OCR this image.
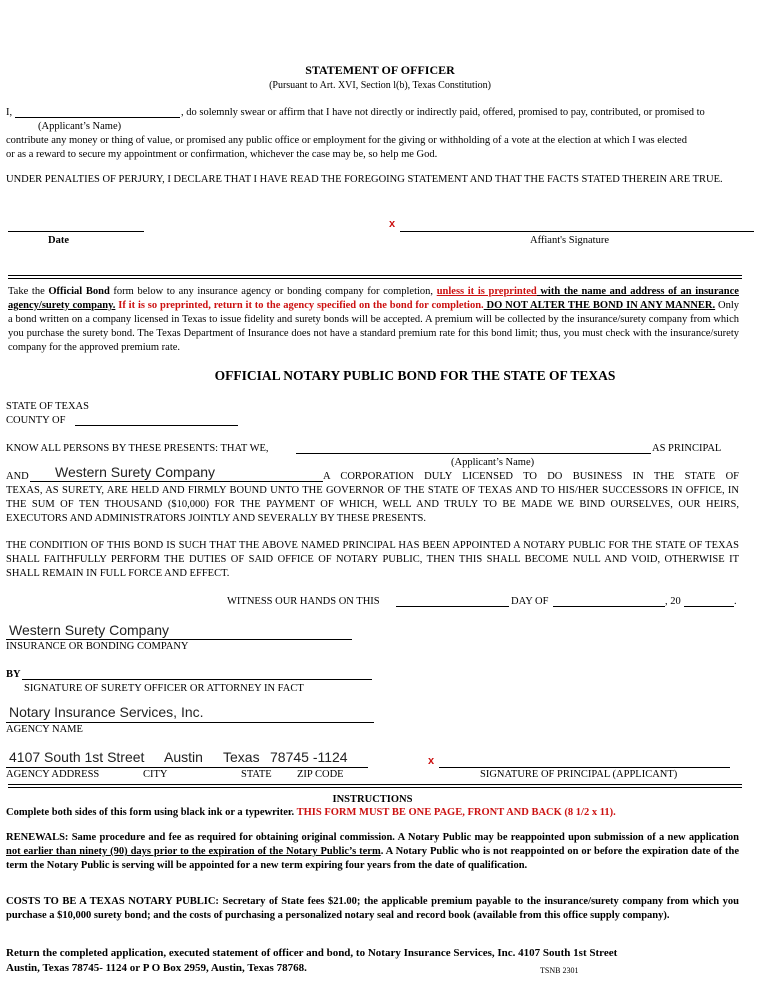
STATEMENT OF OFFICER
(Pursuant to Art. XVI, Section l(b), Texas Constitution)
I,	, do solemnly swear or affirm that I have not directly or indirectly paid, offered, promised to pay, contributed, or promised to
(Applicant’s Name)
contribute any money or thing of value, or promised any public office or employment for the giving or withholding of a vote at the election at which I was elected
or as a reward to secure my appointment or confirmation, whichever the case may be, so help me God.
UNDER PENALTIES OF PERJURY, I DECLARE THAT I HAVE READ THE FOREGOING STATEMENT AND THAT THE FACTS STATED THEREIN ARE TRUE.
Date
x
Affiant's Signature
Take the Official Bond form below to any insurance agency or bonding company for completion, unless it is preprinted with the name and address of an insurance agency/surety company. If it is so preprinted, return it to the agency specified on the bond for completion. DO NOT ALTER THE BOND IN ANY MANNER. Only a bond written on a company licensed in Texas to issue fidelity and surety bonds will be accepted. A premium will be collected by the insurance/surety company from which you purchase the surety bond. The Texas Department of Insurance does not have a standard premium rate for this bond limit; thus, you must check with the insurance/surety company for the approved premium rate.
OFFICIAL NOTARY PUBLIC BOND FOR THE STATE OF TEXAS
STATE OF TEXAS
COUNTY OF
KNOW ALL PERSONS BY THESE PRESENTS: THAT WE,	AS PRINCIPAL
(Applicant’s Name)
AND Western Surety Company	A CORPORATION DULY LICENSED TO DO BUSINESS IN THE STATE OF
TEXAS, AS SURETY, ARE HELD AND FIRMLY BOUND UNTO THE GOVERNOR OF THE STATE OF TEXAS AND TO HIS/HER SUCCESSORS IN OFFICE, IN THE SUM OF TEN THOUSAND ($10,000) FOR THE PAYMENT OF WHICH, WELL AND TRULY TO BE MADE WE BIND OURSELVES, OUR HEIRS, EXECUTORS AND ADMINISTRATORS JOINTLY AND SEVERALLY BY THESE PRESENTS.
THE CONDITION OF THIS BOND IS SUCH THAT THE ABOVE NAMED PRINCIPAL HAS BEEN APPOINTED A NOTARY PUBLIC FOR THE STATE OF TEXAS SHALL FAITHFULLY PERFORM THE DUTIES OF SAID OFFICE OF NOTARY PUBLIC, THEN THIS SHALL BECOME NULL AND VOID, OTHERWISE IT SHALL REMAIN IN FULL FORCE AND EFFECT.
WITNESS OUR HANDS ON THIS	DAY OF	, 20	.
Western Surety Company
INSURANCE OR BONDING COMPANY
BY
SIGNATURE OF SURETY OFFICER OR ATTORNEY IN FACT
Notary Insurance Services, Inc.
AGENCY NAME
4107 South 1st Street Austin Texas 78745 -1124
AGENCY ADDRESS	CITY	STATE ZIP CODE
x
SIGNATURE OF PRINCIPAL (APPLICANT)
INSTRUCTIONS
Complete both sides of this form using black ink or a typewriter. THIS FORM MUST BE ONE PAGE, FRONT AND BACK (8 1/2 x 11).
RENEWALS: Same procedure and fee as required for obtaining original commission. A Notary Public may be reappointed upon submission of a new application not earlier than ninety (90) days prior to the expiration of the Notary Public’s term. A Notary Public who is not reappointed on or before the expiration date of the term the Notary Public is serving will be appointed for a new term expiring four years from the date of qualification.
COSTS TO BE A TEXAS NOTARY PUBLIC: Secretary of State fees $21.00; the applicable premium payable to the insurance/surety company from which you purchase a $10,000 surety bond; and the costs of purchasing a personalized notary seal and record book (available from this office supply company).
Return the completed application, executed statement of officer and bond, to Notary Insurance Services, Inc. 4107 South 1st Street
Austin, Texas 78745- 1124 or P O Box 2959, Austin, Texas 78768.	TSNB 2301
